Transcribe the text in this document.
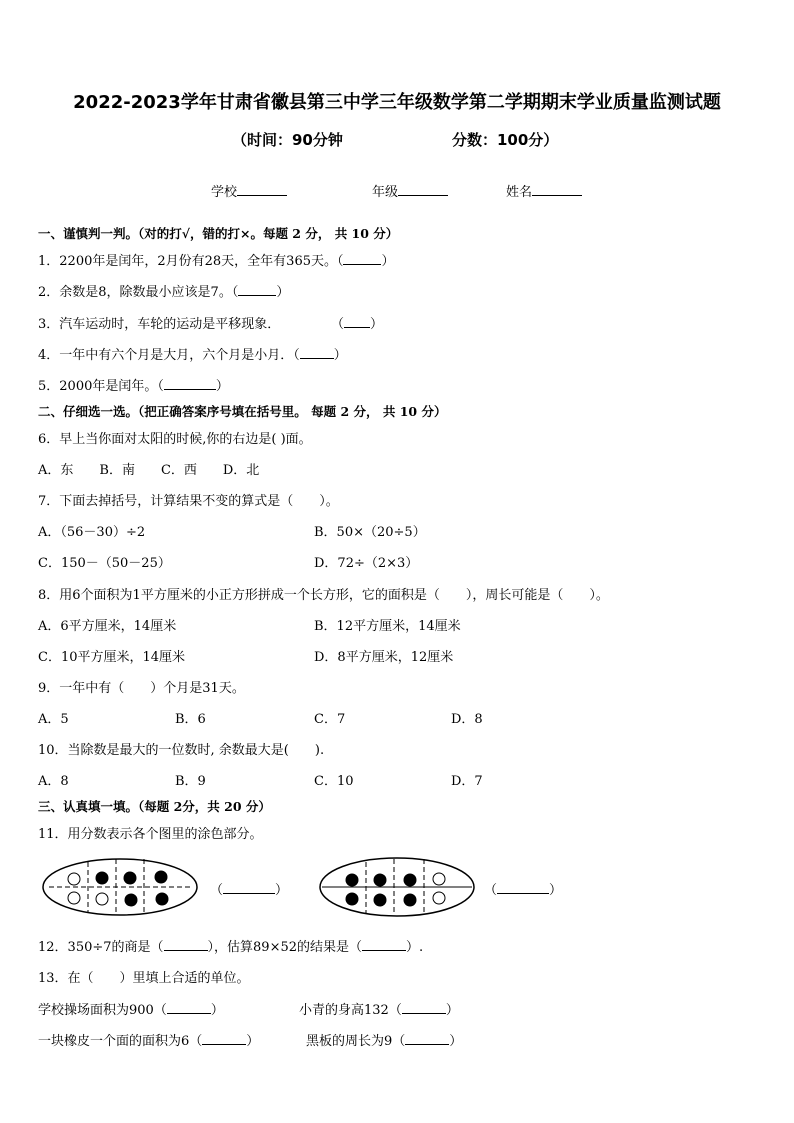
2022-2023学年甘肃省徽县第三中学三年级数学第二学期期末学业质量监测试题
（时间：90分钟	分数：100分）
学校	年级	姓名
一、谨慎判一判。（对的打√，错的打×。每题 2 分， 共 10 分）
1．2200年是闰年，2月份有28天，全年有365天。（	）
2．余数是8，除数最小应该是7。（	）
3．汽车运动时，车轮的运动是平移现象．	（ ）
4．一年中有六个月是大月，六个月是小月．（	）
5．2000年是闰年。（	）
二、仔细选一选。（把正确答案序号填在括号里。 每题 2 分， 共 10 分）
6．早上当你面对太阳的时候,你的右边是( )面。
A．东　　B．南　　C．西　　D．北
7．下面去掉括号，计算结果不变的算式是（　　）。
A．（56－30）÷2	B．50×（20÷5）
C．150－（50－25）	D．72÷（2×3）
8．用6个面积为1平方厘米的小正方形拼成一个长方形，它的面积是（　　），周长可能是（　　）。
A．6平方厘米，14厘米	B．12平方厘米，14厘米
C．10平方厘米，14厘米	D．8平方厘米，12厘米
9．一年中有（　　）个月是31天。
A．5	B．6	C．7	D．8
10．当除数是最大的一位数时, 余数最大是(　　).
A．8	B．9	C．10	D．7
三、认真填一填。（每题 2分，共 20 分）
11．用分数表示各个图里的涂色部分。
（	）	（	）
12．350÷7的商是（	），估算89×52的结果是（	）.
13．在（　　）里填上合适的单位。
学校操场面积为900（	）	小青的身高132（	）
一块橡皮一个面的面积为6（	）	黑板的周长为9（	）
